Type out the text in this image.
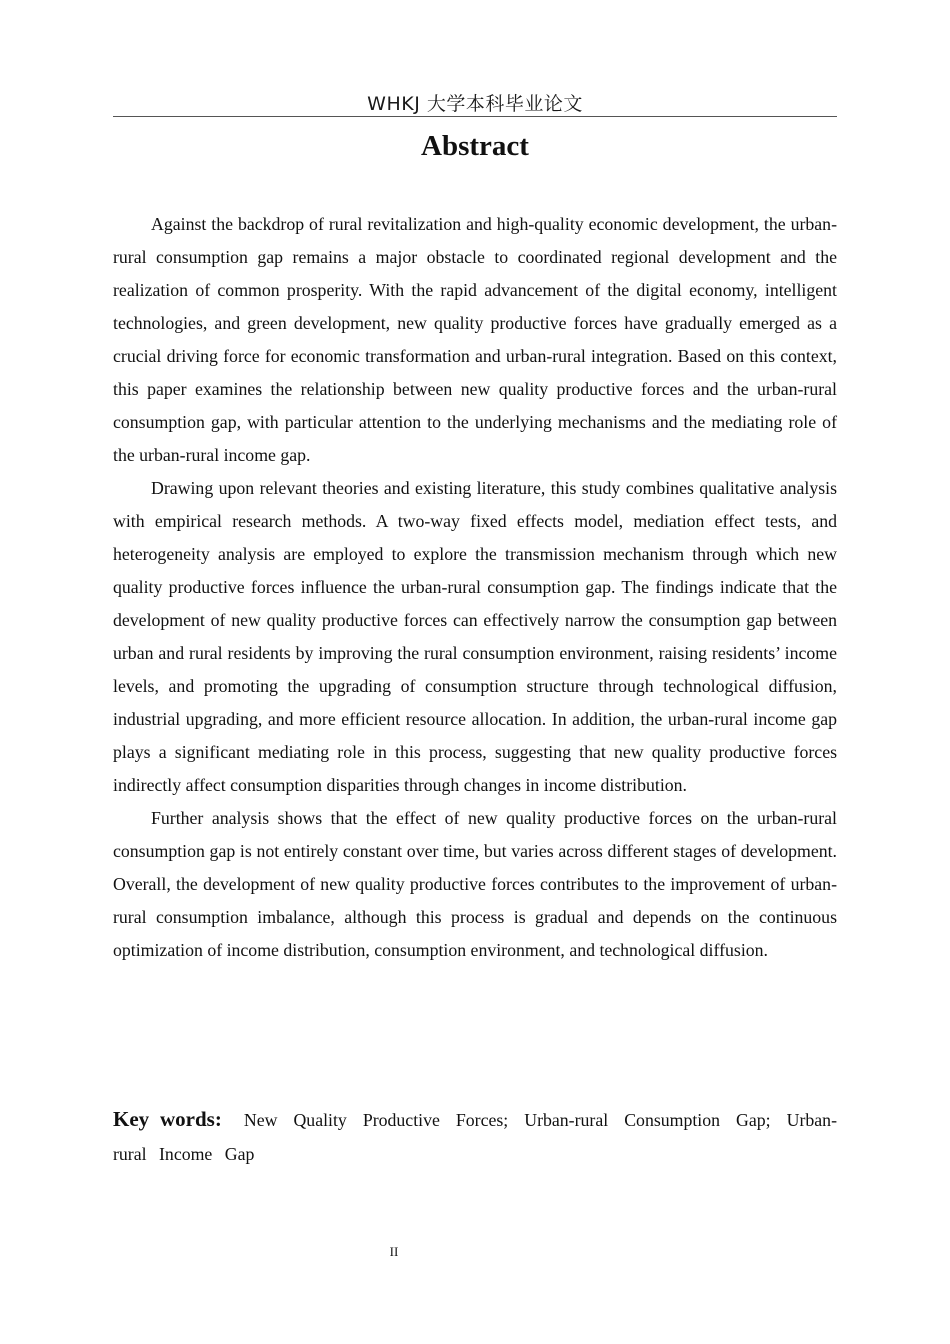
WHKJ 大学本科毕业论文
Abstract

Against the backdrop of rural revitalization and high-quality economic development, the urban-rural consumption gap remains a major obstacle to coordinated regional development and the realization of common prosperity. With the rapid advancement of the digital economy, intelligent technologies, and green development, new quality productive forces have gradually emerged as a crucial driving force for economic transformation and urban-rural integration. Based on this context, this paper examines the relationship between new quality productive forces and the urban-rural consumption gap, with particular attention to the underlying mechanisms and the mediating role of the urban-rural income gap.

Drawing upon relevant theories and existing literature, this study combines qualitative analysis with empirical research methods. A two-way fixed effects model, mediation effect tests, and heterogeneity analysis are employed to explore the transmission mechanism through which new quality productive forces influence the urban-rural consumption gap. The findings indicate that the development of new quality productive forces can effectively narrow the consumption gap between urban and rural residents by improving the rural consumption environment, raising residents’ income levels, and promoting the upgrading of consumption structure through technological diffusion, industrial upgrading, and more efficient resource allocation. In addition, the urban-rural income gap plays a significant mediating role in this process, suggesting that new quality productive forces indirectly affect consumption disparities through changes in income distribution.

Further analysis shows that the effect of new quality productive forces on the urban-rural consumption gap is not entirely constant over time, but varies across different stages of development. Overall, the development of new quality productive forces contributes to the improvement of urban-rural consumption imbalance, although this process is gradual and depends on the continuous optimization of income distribution, consumption environment, and technological diffusion.

Key words: New Quality Productive Forces; Urban-rural Consumption Gap; Urban-rural Income Gap
II
